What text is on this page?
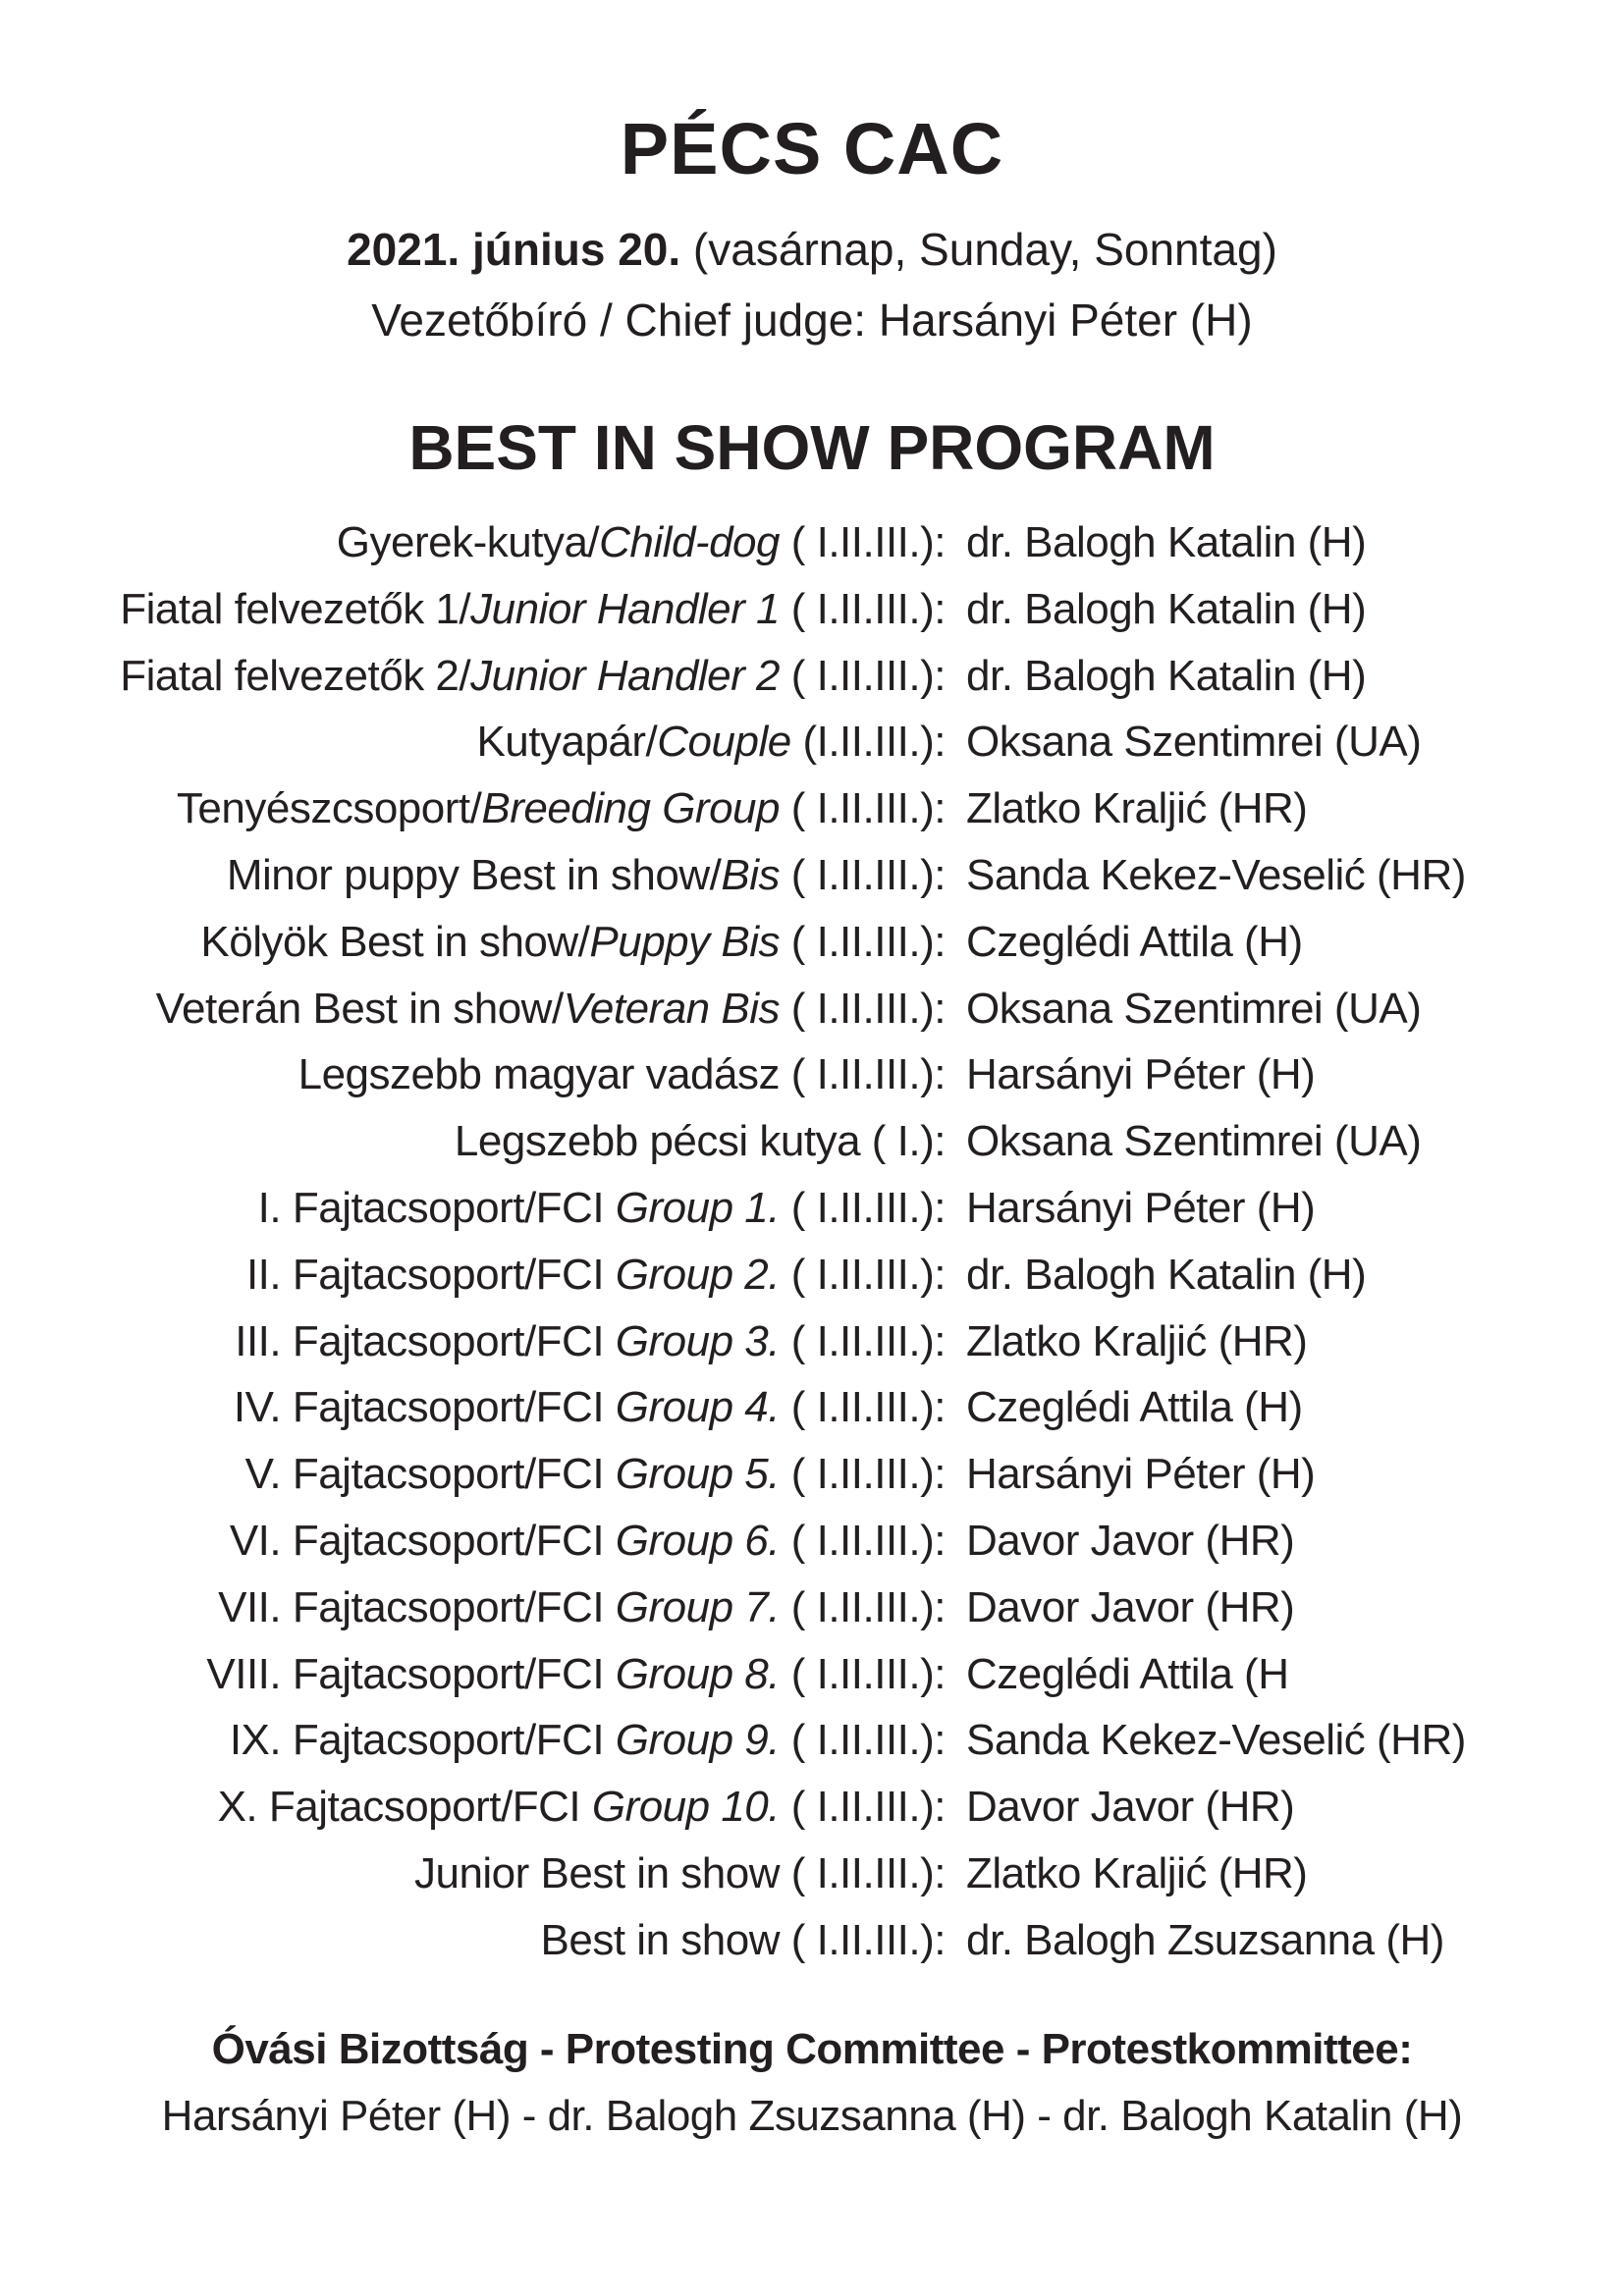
PÉCS CAC
2021. június 20. (vasárnap, Sunday, Sonntag)
Vezetőbíró / Chief judge: Harsányi Péter (H)
BEST IN SHOW PROGRAM
Gyerek-kutya/Child-dog ( I.II.III.): dr. Balogh Katalin (H)
Fiatal felvezetők 1/Junior Handler 1 ( I.II.III.): dr. Balogh Katalin (H)
Fiatal felvezetők 2/Junior Handler 2 ( I.II.III.): dr. Balogh Katalin (H)
Kutyapár/Couple (I.II.III.): Oksana Szentimrei (UA)
Tenyészcsoport/Breeding Group ( I.II.III.): Zlatko Kraljić (HR)
Minor puppy Best in show/Bis ( I.II.III.): Sanda Kekez-Veselić (HR)
Kölyök Best in show/Puppy Bis ( I.II.III.): Czeglédi Attila (H)
Veterán Best in show/Veteran Bis ( I.II.III.): Oksana Szentimrei (UA)
Legszebb magyar vadász ( I.II.III.): Harsányi Péter (H)
Legszebb pécsi kutya ( I.): Oksana Szentimrei (UA)
I. Fajtacsoport/FCI Group 1. ( I.II.III.): Harsányi Péter (H)
II. Fajtacsoport/FCI Group 2. ( I.II.III.): dr. Balogh Katalin (H)
III. Fajtacsoport/FCI Group 3. ( I.II.III.): Zlatko Kraljić (HR)
IV. Fajtacsoport/FCI Group 4. ( I.II.III.): Czeglédi Attila (H)
V. Fajtacsoport/FCI Group 5. ( I.II.III.): Harsányi Péter (H)
VI. Fajtacsoport/FCI Group 6. ( I.II.III.): Davor Javor (HR)
VII. Fajtacsoport/FCI Group 7. ( I.II.III.): Davor Javor (HR)
VIII. Fajtacsoport/FCI Group 8. ( I.II.III.): Czeglédi Attila (H
IX. Fajtacsoport/FCI Group 9. ( I.II.III.): Sanda Kekez-Veselić (HR)
X. Fajtacsoport/FCI Group 10. ( I.II.III.): Davor Javor (HR)
Junior Best in show ( I.II.III.): Zlatko Kraljić (HR)
Best in show ( I.II.III.): dr. Balogh Zsuzsanna (H)
Óvási Bizottság - Protesting Committee - Protestkommittee:
Harsányi Péter (H) - dr. Balogh Zsuzsanna (H) - dr. Balogh Katalin (H)
